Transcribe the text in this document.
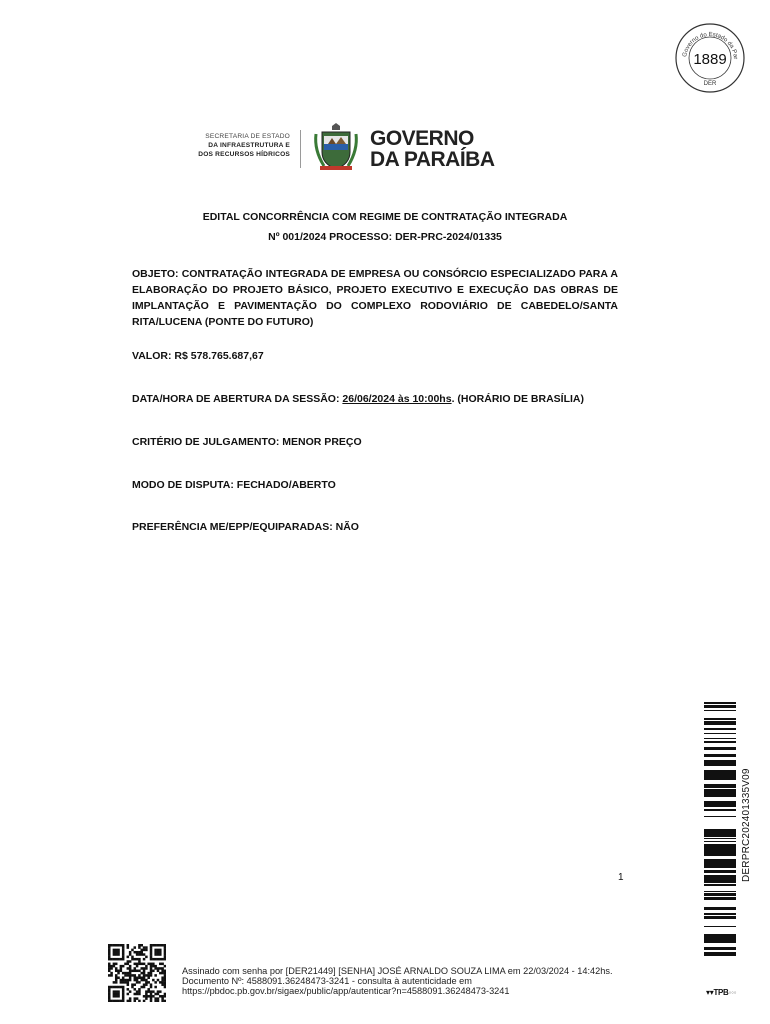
Governo do Estado da Par
1889
DER
SECRETARIA DE ESTADO
DA INFRAESTRUTURA E
DOS RECURSOS HÍDRICOS
GOVERNO
DA PARAÍBA
EDITAL CONCORRÊNCIA COM REGIME DE CONTRATAÇÃO INTEGRADA
Nº 001/2024 PROCESSO: DER-PRC-2024/01335
OBJETO: CONTRATAÇÃO INTEGRADA DE EMPRESA OU CONSÓRCIO ESPECIALIZADO PARA A ELABORAÇÃO DO PROJETO BÁSICO, PROJETO EXECUTIVO E EXECUÇÃO DAS OBRAS DE IMPLANTAÇÃO E PAVIMENTAÇÃO DO COMPLEXO RODOVIÁRIO DE CABEDELO/SANTA RITA/LUCENA (PONTE DO FUTURO)
VALOR: R$ 578.765.687,67
DATA/HORA DE ABERTURA DA SESSÃO: 26/06/2024 às 10:00hs. (HORÁRIO DE BRASÍLIA)
CRITÉRIO DE JULGAMENTO: MENOR PREÇO
MODO DE DISPUTA: FECHADO/ABERTO
PREFERÊNCIA ME/EPP/EQUIPARADAS: NÃO
1	DERPRC202401335V09
▾▾TPB◦◦◦
Assinado com senha por [DER21449] [SENHA] JOSÉ ARNALDO SOUZA LIMA em 22/03/2024 - 14:42hs.
Documento Nº: 4588091.36248473-3241 - consulta à autenticidade em
https://pbdoc.pb.gov.br/sigaex/public/app/autenticar?n=4588091.36248473-3241
